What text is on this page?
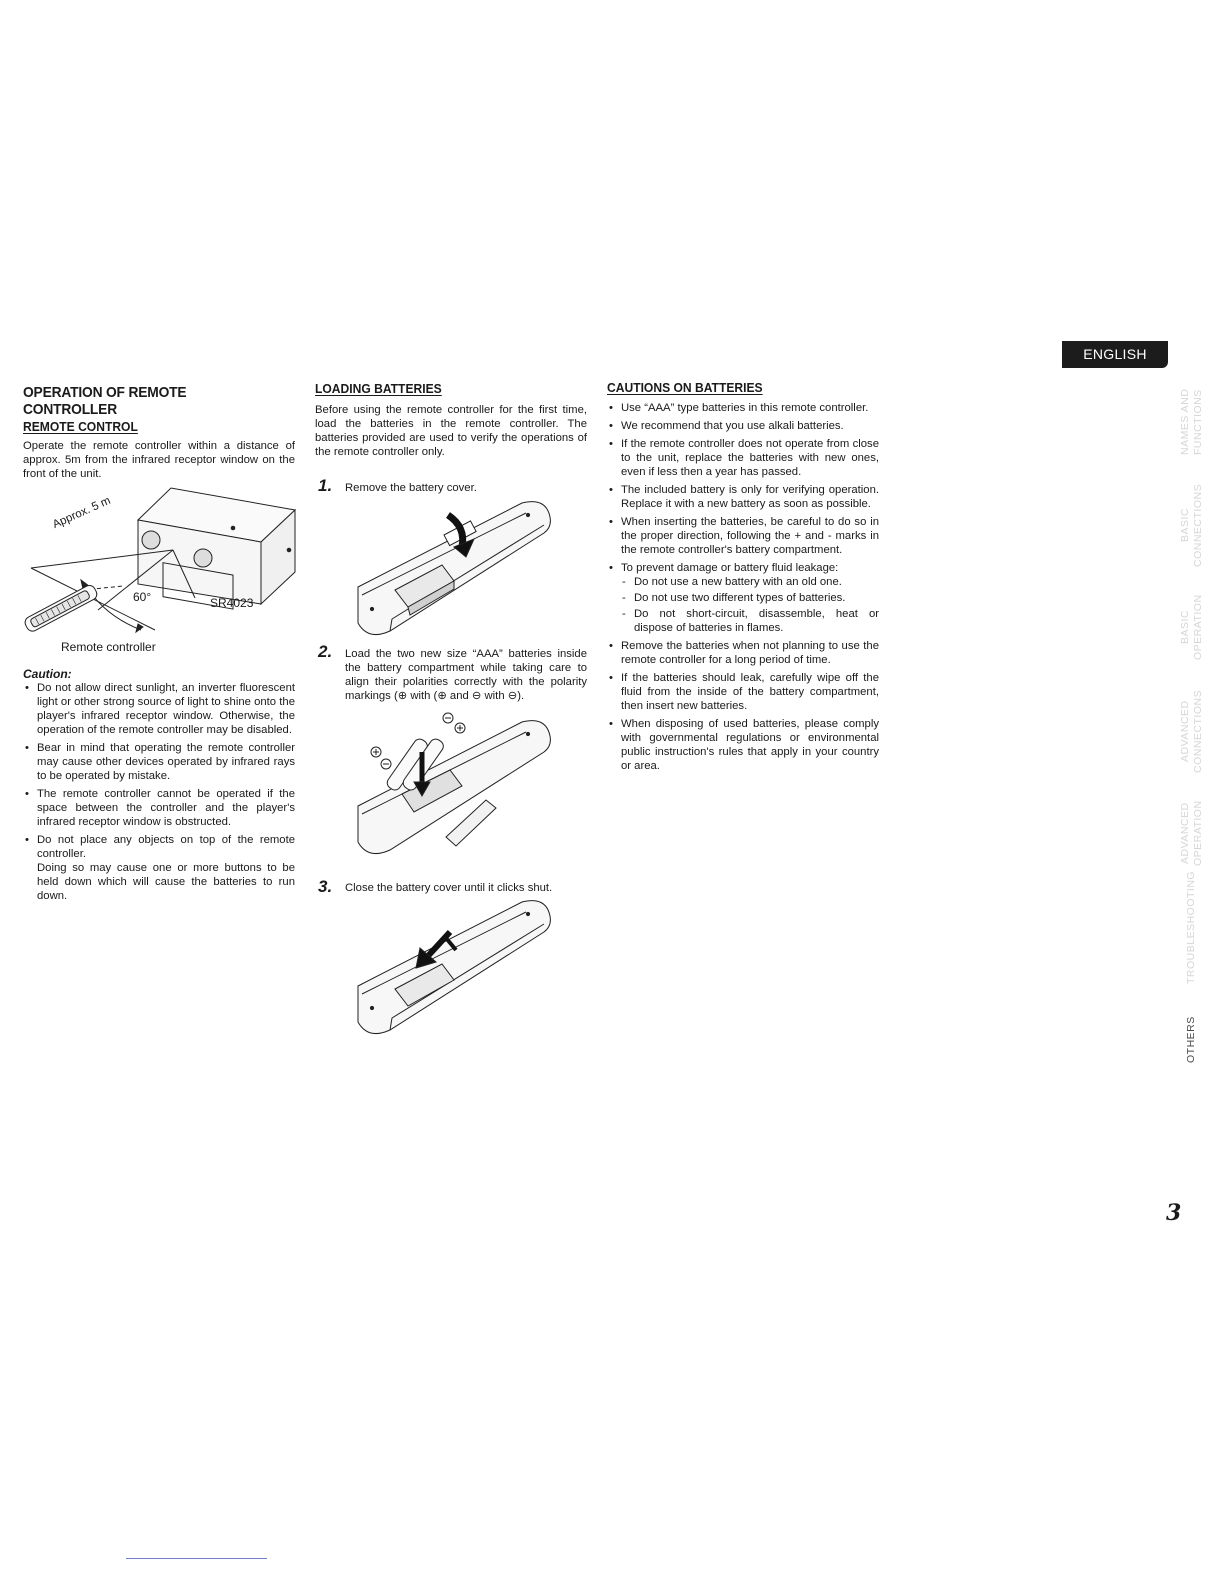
OPERATION OF REMOTE CONTROLLER
REMOTE CONTROL

Operate the remote controller within a distance of approx. 5m from the infrared receptor window on the front of the unit.

Approx. 5 m
60°	SR4023
Remote controller
Caution:
• Do not allow direct sunlight, an inverter fluorescent light or other strong source of light to shine onto the player's infrared receptor window. Otherwise, the operation of the remote controller may be disabled.
• Bear in mind that operating the remote controller may cause other devices operated by infrared rays to be operated by mistake.
• The remote controller cannot be operated if the space between the controller and the player's infrared receptor window is obstructed.
• Do not place any objects on top of the remote controller.
Doing so may cause one or more buttons to be held down which will cause the batteries to run down.
LOADING BATTERIES

Before using the remote controller for the first time, load the batteries in the remote controller. The batteries provided are used to verify the operations of the remote controller only.

1. Remove the battery cover.
2. Load the two new size “AAA” batteries inside the battery compartment while taking care to align their polarities correctly with the polarity markings (⊕ with (⊕ and ⊖ with ⊖).
3. Close the battery cover until it clicks shut.
CAUTIONS ON BATTERIES
• Use “AAA” type batteries in this remote controller.
• We recommend that you use alkali batteries.
• If the remote controller does not operate from close to the unit, replace the batteries with new ones, even if less then a year has passed.
• The included battery is only for verifying operation. Replace it with a new battery as soon as possible.
• When inserting the batteries, be careful to do so in the proper direction, following the + and - marks in the remote controller's battery compartment.
• To prevent damage or battery fluid leakage:
- Do not use a new battery with an old one.
- Do not use two different types of batteries.
- Do not short-circuit, disassemble, heat or dispose of batteries in flames.
• Remove the batteries when not planning to use the remote controller for a long period of time.
• If the batteries should leak, carefully wipe off the fluid from the inside of the battery compartment, then insert new batteries.
• When disposing of used batteries, please comply with governmental regulations or environmental public instruction's rules that apply in your country or area.
ENGLISH
NAMES AND FUNCTIONS
BASIC CONNECTIONS
BASIC OPERATION
ADVANCED CONNECTIONS
ADVANCED OPERATION
TROUBLESHOOTING
OTHERS
3
